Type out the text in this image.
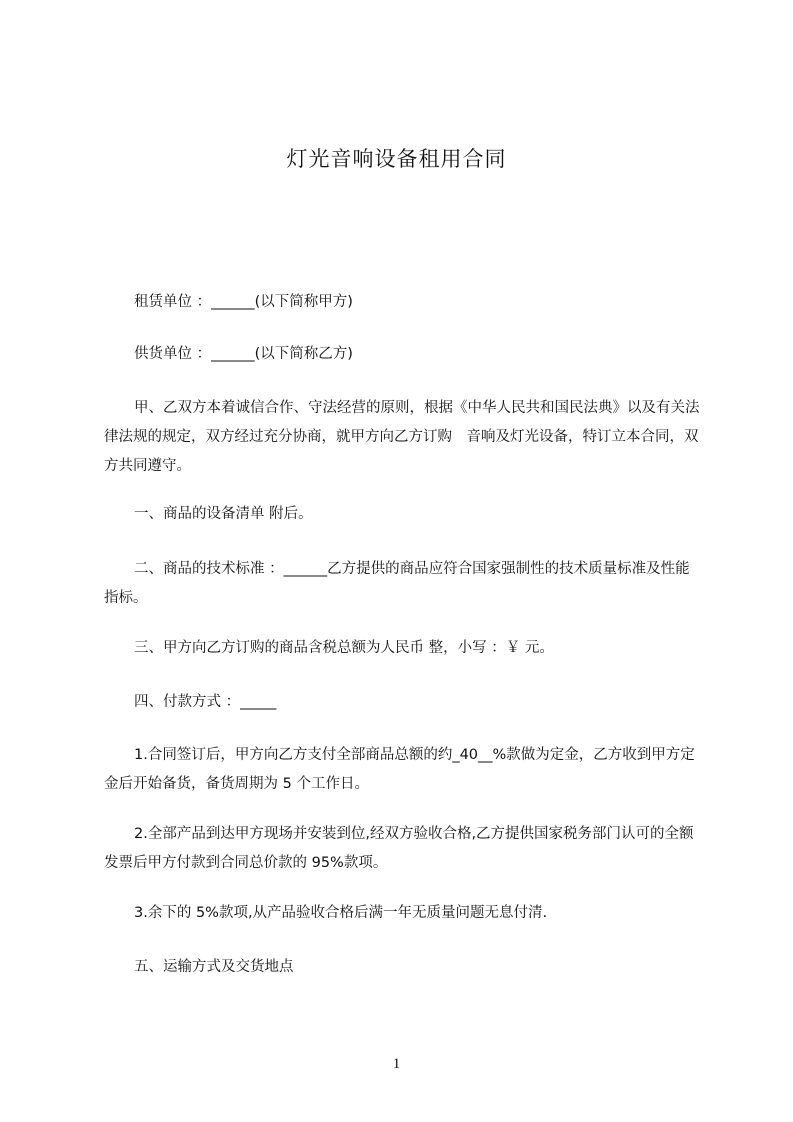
灯光音响设备租用合同
租赁单位 ：______(以下简称甲方)
供货单位 ：______(以下简称乙方)
甲、乙双方本着诚信合作、守法经营的原则，根据《中华人民共和国民法典》以及有关法律法规的规定，双方经过充分协商，就甲方向乙方订购　音响及灯光设备，特订立本合同，双方共同遵守。
一、商品的设备清单 附后。
二、商品的技术标准 ：______乙方提供的商品应符合国家强制性的技术质量标准及性能指标。
三、甲方向乙方订购的商品含税总额为人民币 整，小写 ：￥ 元。
四、付款方式 ：_____
1.合同签订后，甲方向乙方支付全部商品总额的约_40__%款做为定金，乙方收到甲方定金后开始备货，备货周期为 5 个工作日。
2.全部产品到达甲方现场并安装到位,经双方验收合格,乙方提供国家税务部门认可的全额发票后甲方付款到合同总价款的 95%款项。
3.余下的 5%款项,从产品验收合格后满一年无质量问题无息付清.
五、运输方式及交货地点
1
